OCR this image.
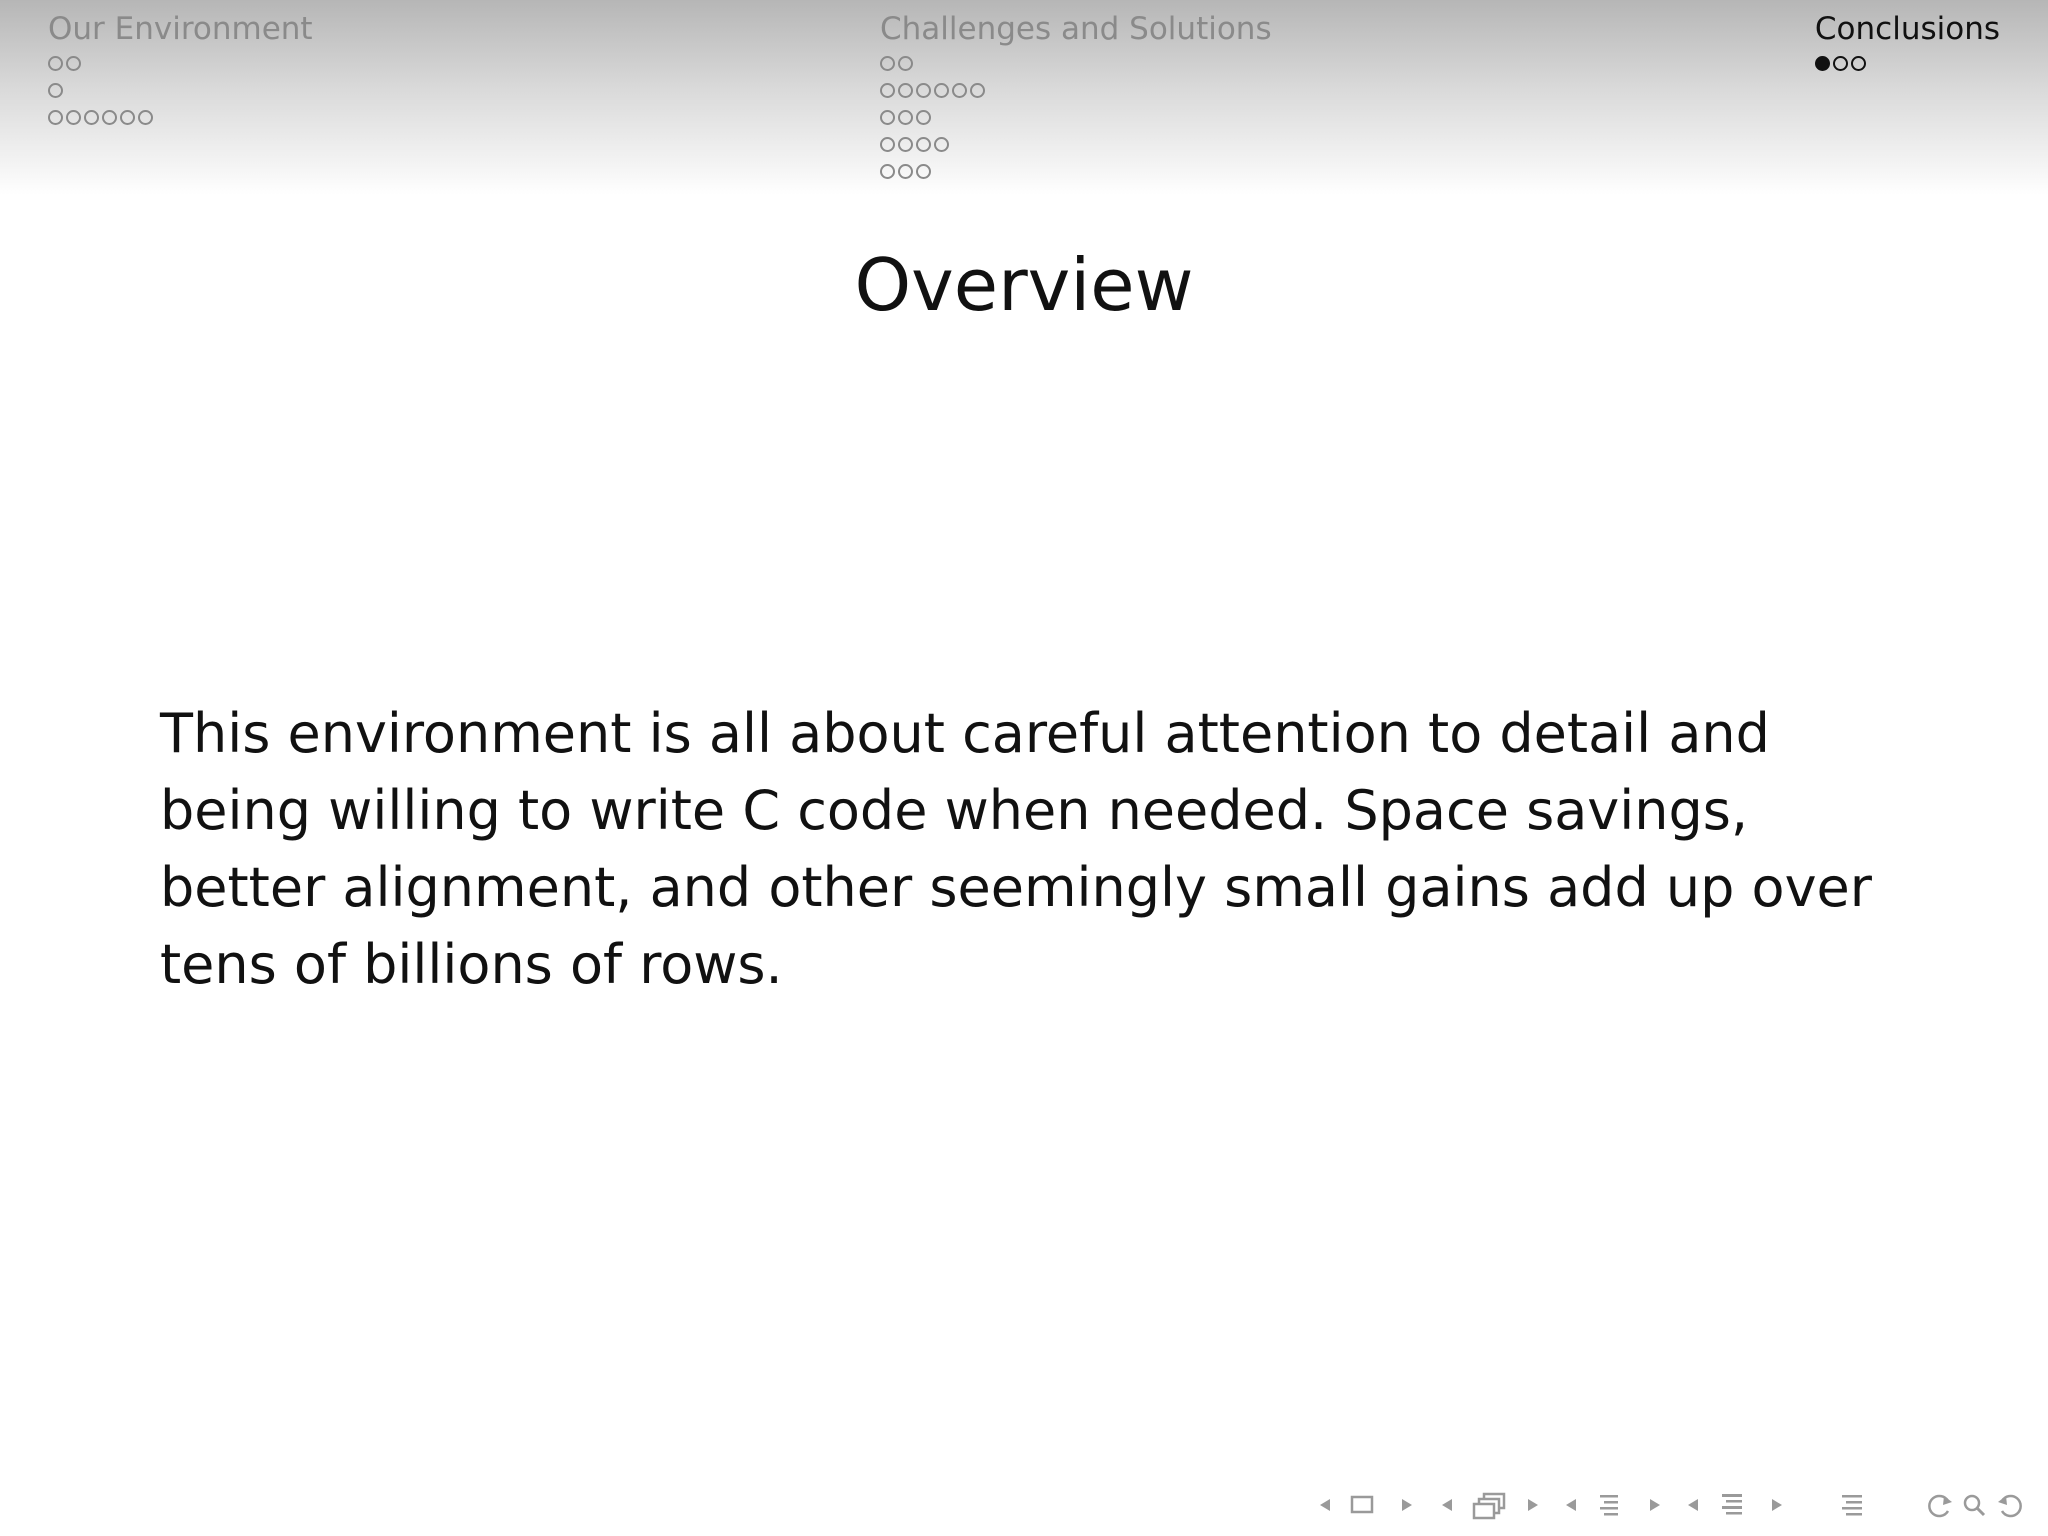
Our Environment	Challenges and Solutions	Conclusions
Overview
This environment is all about careful attention to detail and being willing to write C code when needed. Space savings, better alignment, and other seemingly small gains add up over tens of billions of rows.
